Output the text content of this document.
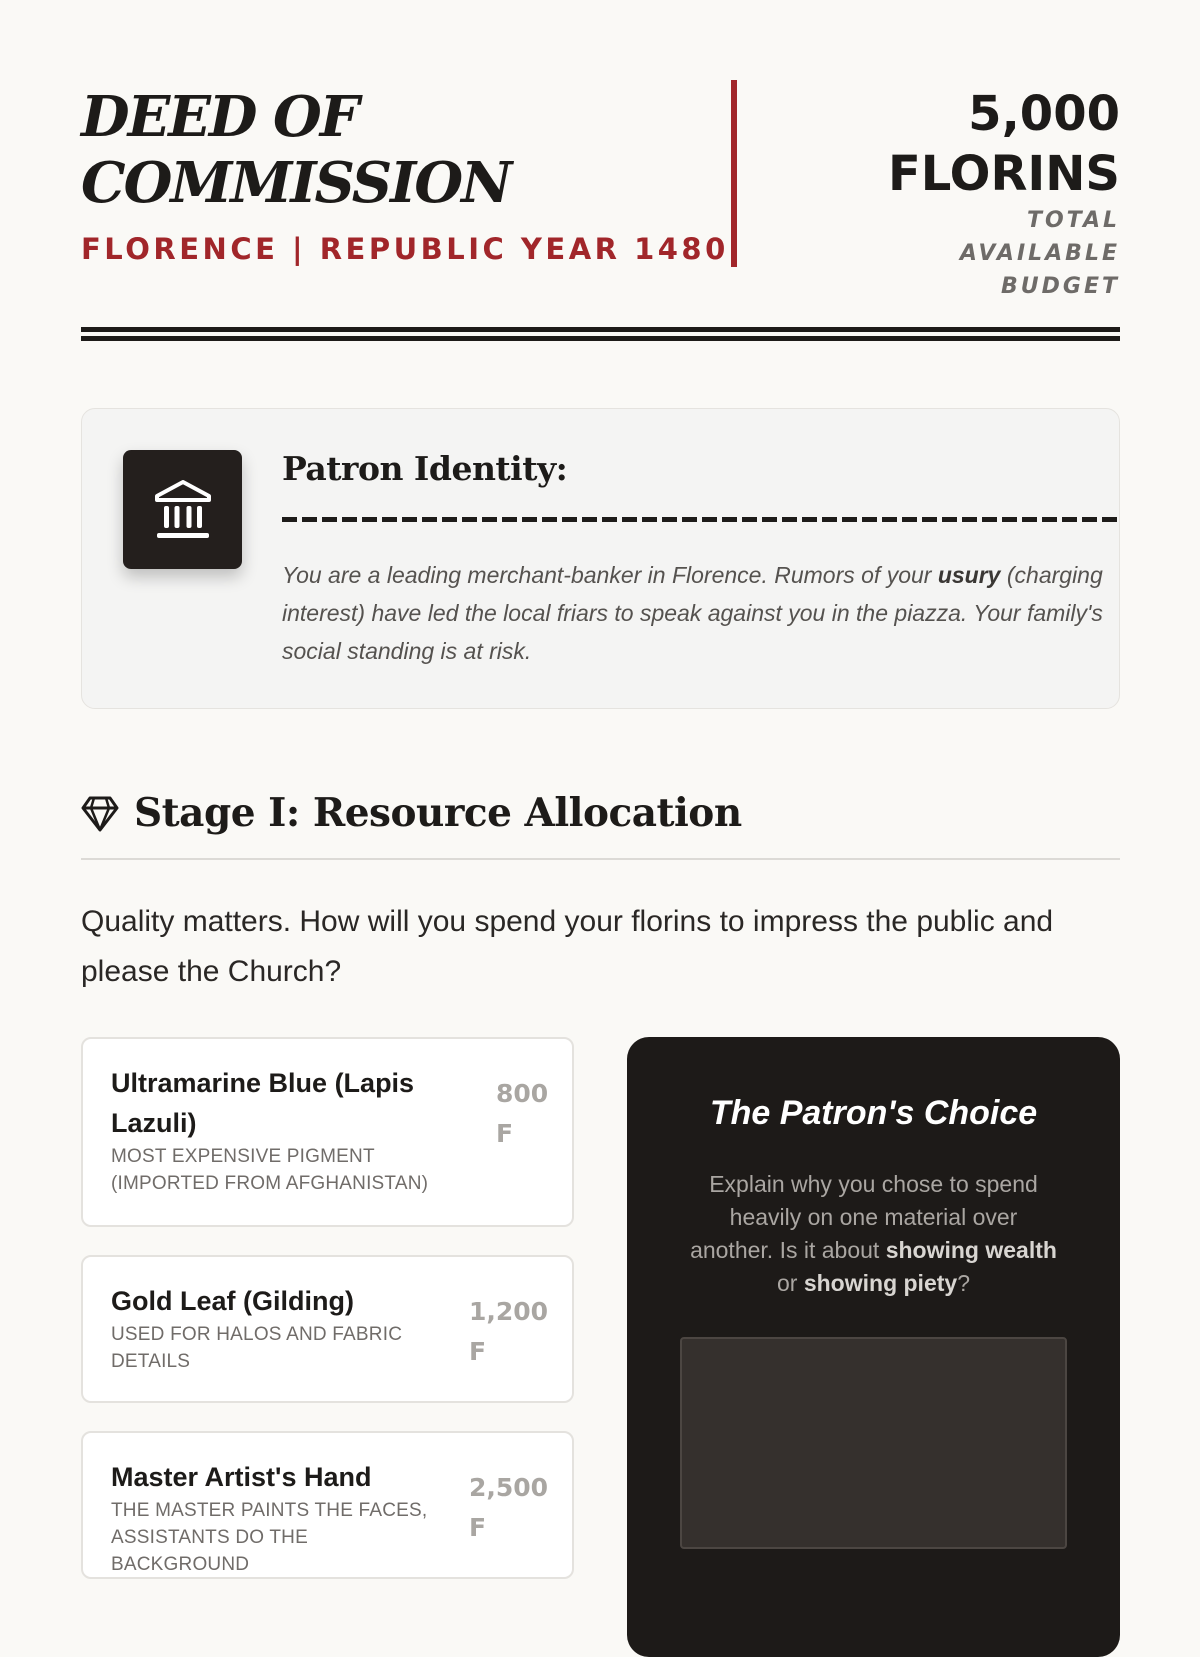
DEED OF
COMMISSION
FLORENCE | REPUBLIC YEAR 1480
5,000
FLORINS
TOTAL AVAILABLE BUDGET
Patron Identity:

You are a leading merchant-banker in Florence. Rumors of your usury (charging interest) have led the local friars to speak against you in the piazza. Your family's social standing is at risk.

Stage I: Resource Allocation

Quality matters. How will you spend your florins to impress the public and please the Church?

Ultramarine Blue (Lapis Lazuli)
MOST EXPENSIVE PIGMENT (IMPORTED FROM AFGHANISTAN)
800 F
Gold Leaf (Gilding)
USED FOR HALOS AND FABRIC DETAILS
1,200 F
Master Artist's Hand
THE MASTER PAINTS THE FACES, ASSISTANTS DO THE BACKGROUND
2,500 F
The Patron's Choice

Explain why you chose to spend heavily on one material over another. Is it about showing wealth or showing piety?
